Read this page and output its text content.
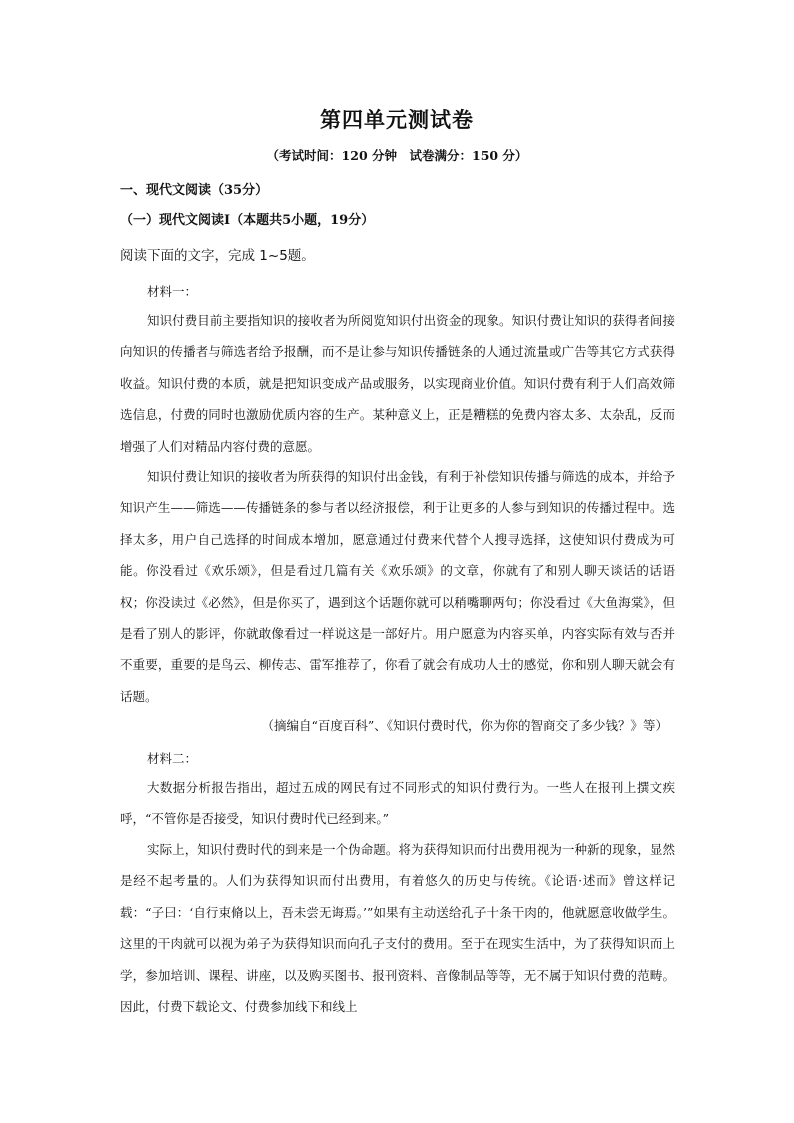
第四单元测试卷
（考试时间：120 分钟　试卷满分：150 分）
一、现代文阅读（35分）
（一）现代文阅读Ⅰ（本题共5小题，19分）
阅读下面的文字，完成 1~5题。
材料一：

知识付费目前主要指知识的接收者为所阅览知识付出资金的现象。知识付费让知识的获得者间接向知识的传播者与筛选者给予报酬，而不是让参与知识传播链条的人通过流量或广告等其它方式获得收益。知识付费的本质，就是把知识变成产品或服务，以实现商业价值。知识付费有利于人们高效筛选信息，付费的同时也激励优质内容的生产。某种意义上，正是糟糕的免费内容太多、太杂乱，反而增强了人们对精品内容付费的意愿。

知识付费让知识的接收者为所获得的知识付出金钱，有利于补偿知识传播与筛选的成本，并给予知识产生——筛选——传播链条的参与者以经济报偿，利于让更多的人参与到知识的传播过程中。选择太多，用户自己选择的时间成本增加，愿意通过付费来代替个人搜寻选择，这使知识付费成为可能。你没看过《欢乐颂》，但是看过几篇有关《欢乐颂》的文章，你就有了和别人聊天谈话的话语权；你没读过《必然》，但是你买了，遇到这个话题你就可以稍嘴聊两句；你没看过《大鱼海棠》，但是看了别人的影评，你就敢像看过一样说这是一部好片。用户愿意为内容买单，内容实际有效与否并不重要，重要的是鸟云、柳传志、雷军推荐了，你看了就会有成功人士的感觉，你和别人聊天就会有话题。

（摘编自“百度百科”、《知识付费时代，你为你的智商交了多少钱？》等）
材料二：

大数据分析报告指出，超过五成的网民有过不同形式的知识付费行为。一些人在报刊上撰文疾呼，“不管你是否接受，知识付费时代已经到来。”

实际上，知识付费时代的到来是一个伪命题。将为获得知识而付出费用视为一种新的现象，显然是经不起考量的。人们为获得知识而付出费用，有着悠久的历史与传统。《论语·述而》曾这样记载：“子曰：‘自行束脩以上，吾未尝无诲焉。’”如果有主动送给孔子十条干肉的，他就愿意收做学生。这里的干肉就可以视为弟子为获得知识而向孔子支付的费用。至于在现实生活中，为了获得知识而上学，参加培训、课程、讲座，以及购买图书、报刊资料、音像制品等等，无不属于知识付费的范畴。因此，付费下载论文、付费参加线下和线上
